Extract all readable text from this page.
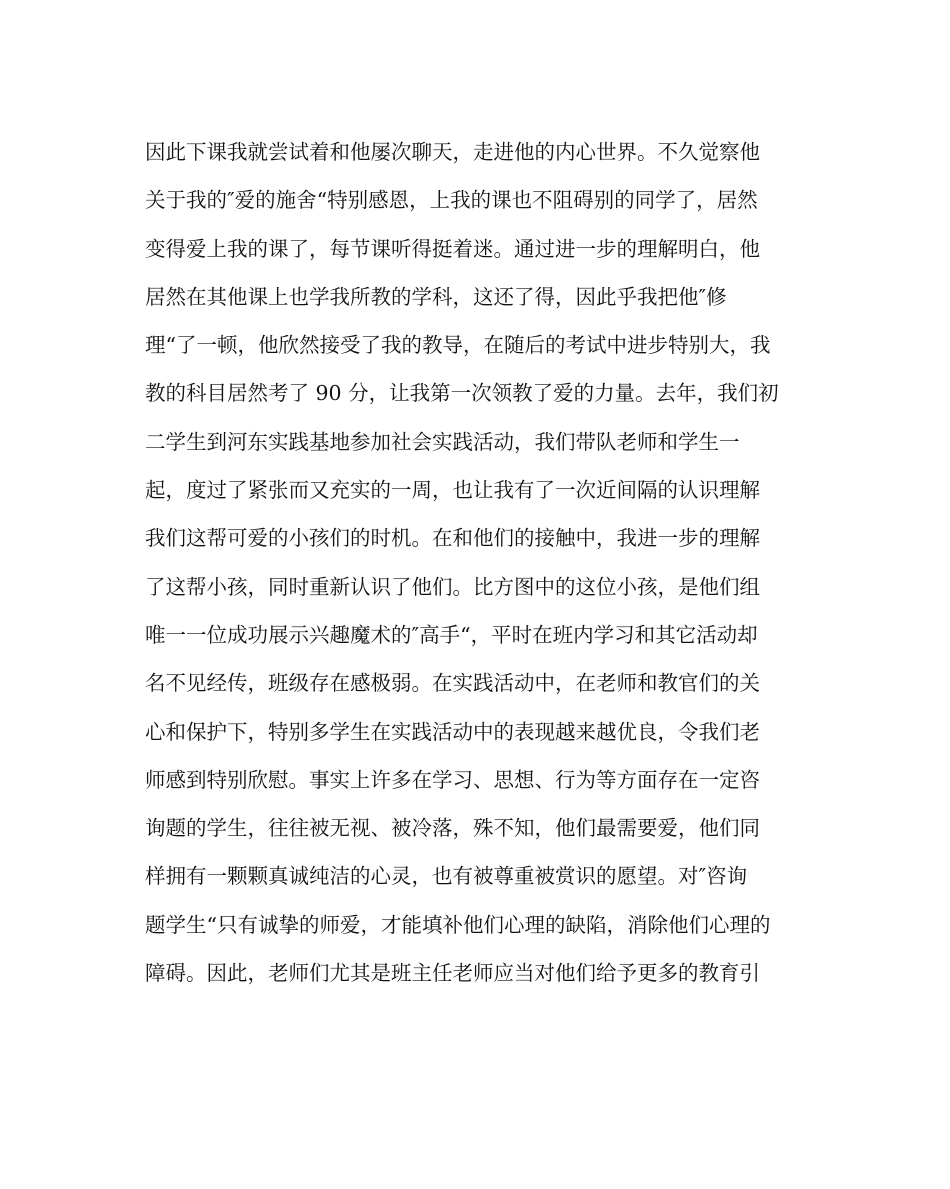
因此下课我就尝试着和他屡次聊天，走进他的内心世界。不久觉察他
关于我的″爱的施舍“特别感恩，上我的课也不阻碍别的同学了，居然
变得爱上我的课了，每节课听得挺着迷。通过进一步的理解明白，他
居然在其他课上也学我所教的学科，这还了得，因此乎我把他″修
理“了一顿，他欣然接受了我的教导，在随后的考试中进步特别大，我
教的科目居然考了 90 分，让我第一次领教了爱的力量。去年，我们初
二学生到河东实践基地参加社会实践活动，我们带队老师和学生一
起，度过了紧张而又充实的一周，也让我有了一次近间隔的认识理解
我们这帮可爱的小孩们的时机。在和他们的接触中，我进一步的理解
了这帮小孩，同时重新认识了他们。比方图中的这位小孩，是他们组
唯一一位成功展示兴趣魔术的″高手“，平时在班内学习和其它活动却
名不见经传，班级存在感极弱。在实践活动中，在老师和教官们的关
心和保护下，特别多学生在实践活动中的表现越来越优良，令我们老
师感到特别欣慰。事实上许多在学习、思想、行为等方面存在一定咨
询题的学生，往往被无视、被冷落，殊不知，他们最需要爱，他们同
样拥有一颗颗真诚纯洁的心灵，也有被尊重被赏识的愿望。对″咨询
题学生“只有诚挚的师爱，才能填补他们心理的缺陷，消除他们心理的
障碍。因此，老师们尤其是班主任老师应当对他们给予更多的教育引
